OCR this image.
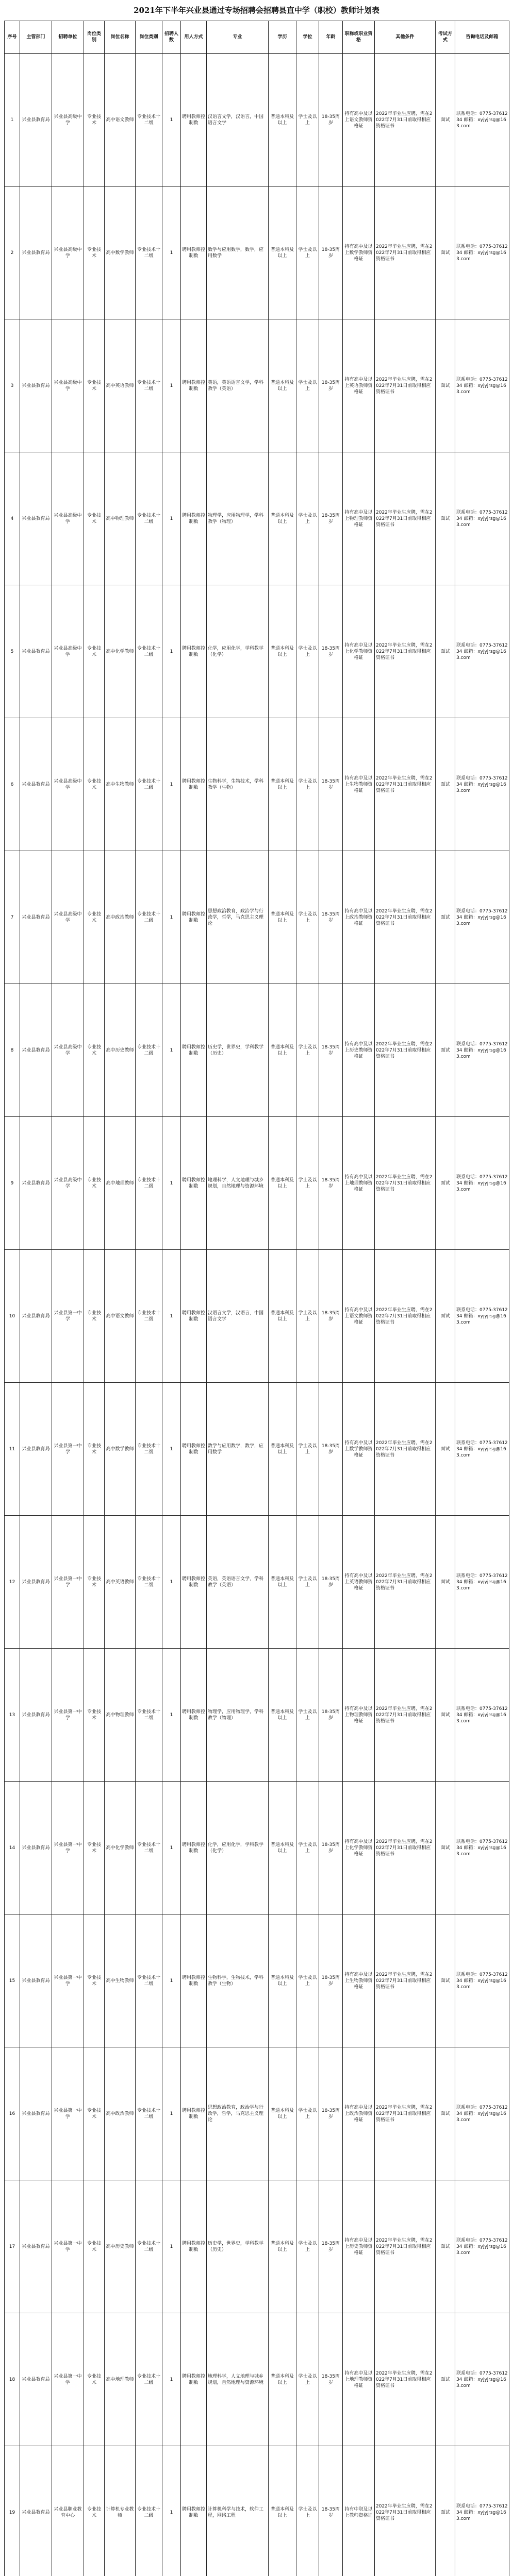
2021年下半年兴业县通过专场招聘会招聘县直中学（职校）教师计划表
序号	主管部门	招聘单位	岗位类别	岗位名称	岗位类别	招聘人数	用人方式	专业	学历	学位	年龄	职称或职业资格	其他条件	考试方式	咨询电话及邮箱
1	兴业县教育局	兴业县高级中学	专业技术	高中语文教师	专业技术十二级	1	聘用教师控制数	汉语言文学，汉语言，中国语言文学	普通本科及以上	学士及以上	18-35周岁	持有高中及以上语文教师资格证	2022年毕业生应聘，需在2022年7月31日前取得相应资格证书	面试	联系电话：0775-3761234 邮箱：xyjyjrsg@163.com
2	兴业县教育局	兴业县高级中学	专业技术	高中数学教师	专业技术十二级	1	聘用教师控制数	数学与应用数学，数学，应用数学	普通本科及以上	学士及以上	18-35周岁	持有高中及以上数学教师资格证	2022年毕业生应聘，需在2022年7月31日前取得相应资格证书	面试	联系电话：0775-3761234 邮箱：xyjyjrsg@163.com
3	兴业县教育局	兴业县高级中学	专业技术	高中英语教师	专业技术十二级	1	聘用教师控制数	英语，英语语言文学，学科教学（英语）	普通本科及以上	学士及以上	18-35周岁	持有高中及以上英语教师资格证	2022年毕业生应聘，需在2022年7月31日前取得相应资格证书	面试	联系电话：0775-3761234 邮箱：xyjyjrsg@163.com
4	兴业县教育局	兴业县高级中学	专业技术	高中物理教师	专业技术十二级	1	聘用教师控制数	物理学，应用物理学，学科教学（物理）	普通本科及以上	学士及以上	18-35周岁	持有高中及以上物理教师资格证	2022年毕业生应聘，需在2022年7月31日前取得相应资格证书	面试	联系电话：0775-3761234 邮箱：xyjyjrsg@163.com
5	兴业县教育局	兴业县高级中学	专业技术	高中化学教师	专业技术十二级	1	聘用教师控制数	化学，应用化学，学科教学（化学）	普通本科及以上	学士及以上	18-35周岁	持有高中及以上化学教师资格证	2022年毕业生应聘，需在2022年7月31日前取得相应资格证书	面试	联系电话：0775-3761234 邮箱：xyjyjrsg@163.com
6	兴业县教育局	兴业县高级中学	专业技术	高中生物教师	专业技术十二级	1	聘用教师控制数	生物科学，生物技术，学科教学（生物）	普通本科及以上	学士及以上	18-35周岁	持有高中及以上生物教师资格证	2022年毕业生应聘，需在2022年7月31日前取得相应资格证书	面试	联系电话：0775-3761234 邮箱：xyjyjrsg@163.com
7	兴业县教育局	兴业县高级中学	专业技术	高中政治教师	专业技术十二级	1	聘用教师控制数	思想政治教育，政治学与行政学，哲学，马克思主义理论	普通本科及以上	学士及以上	18-35周岁	持有高中及以上政治教师资格证	2022年毕业生应聘，需在2022年7月31日前取得相应资格证书	面试	联系电话：0775-3761234 邮箱：xyjyjrsg@163.com
8	兴业县教育局	兴业县高级中学	专业技术	高中历史教师	专业技术十二级	1	聘用教师控制数	历史学，世界史，学科教学（历史）	普通本科及以上	学士及以上	18-35周岁	持有高中及以上历史教师资格证	2022年毕业生应聘，需在2022年7月31日前取得相应资格证书	面试	联系电话：0775-3761234 邮箱：xyjyjrsg@163.com
9	兴业县教育局	兴业县高级中学	专业技术	高中地理教师	专业技术十二级	1	聘用教师控制数	地理科学，人文地理与城乡规划，自然地理与资源环境	普通本科及以上	学士及以上	18-35周岁	持有高中及以上地理教师资格证	2022年毕业生应聘，需在2022年7月31日前取得相应资格证书	面试	联系电话：0775-3761234 邮箱：xyjyjrsg@163.com
10	兴业县教育局	兴业县第一中学	专业技术	高中语文教师	专业技术十二级	1	聘用教师控制数	汉语言文学，汉语言，中国语言文学	普通本科及以上	学士及以上	18-35周岁	持有高中及以上语文教师资格证	2022年毕业生应聘，需在2022年7月31日前取得相应资格证书	面试	联系电话：0775-3761234 邮箱：xyjyjrsg@163.com
11	兴业县教育局	兴业县第一中学	专业技术	高中数学教师	专业技术十二级	1	聘用教师控制数	数学与应用数学，数学，应用数学	普通本科及以上	学士及以上	18-35周岁	持有高中及以上数学教师资格证	2022年毕业生应聘，需在2022年7月31日前取得相应资格证书	面试	联系电话：0775-3761234 邮箱：xyjyjrsg@163.com
12	兴业县教育局	兴业县第一中学	专业技术	高中英语教师	专业技术十二级	1	聘用教师控制数	英语，英语语言文学，学科教学（英语）	普通本科及以上	学士及以上	18-35周岁	持有高中及以上英语教师资格证	2022年毕业生应聘，需在2022年7月31日前取得相应资格证书	面试	联系电话：0775-3761234 邮箱：xyjyjrsg@163.com
13	兴业县教育局	兴业县第一中学	专业技术	高中物理教师	专业技术十二级	1	聘用教师控制数	物理学，应用物理学，学科教学（物理）	普通本科及以上	学士及以上	18-35周岁	持有高中及以上物理教师资格证	2022年毕业生应聘，需在2022年7月31日前取得相应资格证书	面试	联系电话：0775-3761234 邮箱：xyjyjrsg@163.com
14	兴业县教育局	兴业县第一中学	专业技术	高中化学教师	专业技术十二级	1	聘用教师控制数	化学，应用化学，学科教学（化学）	普通本科及以上	学士及以上	18-35周岁	持有高中及以上化学教师资格证	2022年毕业生应聘，需在2022年7月31日前取得相应资格证书	面试	联系电话：0775-3761234 邮箱：xyjyjrsg@163.com
15	兴业县教育局	兴业县第一中学	专业技术	高中生物教师	专业技术十二级	1	聘用教师控制数	生物科学，生物技术，学科教学（生物）	普通本科及以上	学士及以上	18-35周岁	持有高中及以上生物教师资格证	2022年毕业生应聘，需在2022年7月31日前取得相应资格证书	面试	联系电话：0775-3761234 邮箱：xyjyjrsg@163.com
16	兴业县教育局	兴业县第一中学	专业技术	高中政治教师	专业技术十二级	1	聘用教师控制数	思想政治教育，政治学与行政学，哲学，马克思主义理论	普通本科及以上	学士及以上	18-35周岁	持有高中及以上政治教师资格证	2022年毕业生应聘，需在2022年7月31日前取得相应资格证书	面试	联系电话：0775-3761234 邮箱：xyjyjrsg@163.com
17	兴业县教育局	兴业县第一中学	专业技术	高中历史教师	专业技术十二级	1	聘用教师控制数	历史学，世界史，学科教学（历史）	普通本科及以上	学士及以上	18-35周岁	持有高中及以上历史教师资格证	2022年毕业生应聘，需在2022年7月31日前取得相应资格证书	面试	联系电话：0775-3761234 邮箱：xyjyjrsg@163.com
18	兴业县教育局	兴业县第一中学	专业技术	高中地理教师	专业技术十二级	1	聘用教师控制数	地理科学，人文地理与城乡规划，自然地理与资源环境	普通本科及以上	学士及以上	18-35周岁	持有高中及以上地理教师资格证	2022年毕业生应聘，需在2022年7月31日前取得相应资格证书	面试	联系电话：0775-3761234 邮箱：xyjyjrsg@163.com
19	兴业县教育局	兴业县职业教育中心	专业技术	计算机专业教师	专业技术十二级	1	聘用教师控制数	计算机科学与技术，软件工程，网络工程	普通本科及以上	学士及以上	18-35周岁	持有中职及以上教师资格证	2022年毕业生应聘，需在2022年7月31日前取得相应资格证书	面试	联系电话：0775-3761234 邮箱：xyjyjrsg@163.com
